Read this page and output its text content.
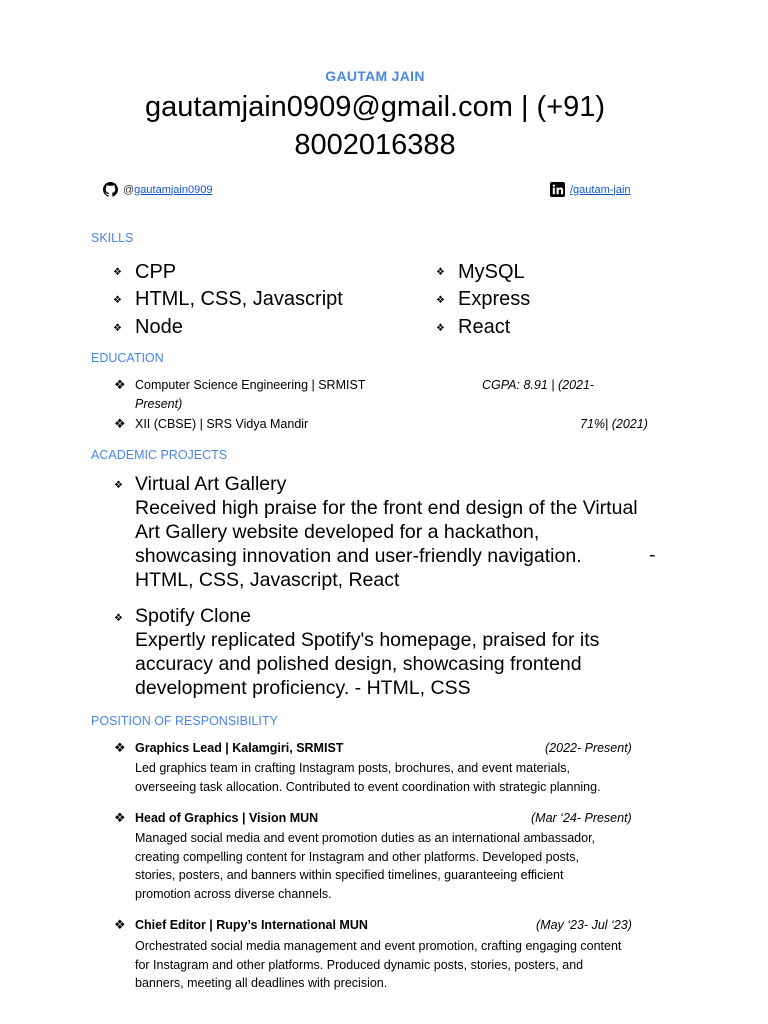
GAUTAM JAIN
gautamjain0909@gmail.com | (+91)
8002016388
@gautamjain0909	/gautam-jain
SKILLS
❖ CPP
❖ HTML, CSS, Javascript
❖ Node
❖ MySQL
❖ Express
❖ React
EDUCATION
❖ Computer Science Engineering | SRMIST	CGPA: 8.91 | (2021-
Present)
❖ XII (CBSE) | SRS Vidya Mandir	71%| (2021)
ACADEMIC PROJECTS
❖ Virtual Art Gallery
Received high praise for the front end design of the Virtual
Art Gallery website developed for a hackathon,
showcasing innovation and user-friendly navigation.
HTML, CSS, Javascript, React
-
❖ Spotify Clone
Expertly replicated Spotify's homepage, praised for its
accuracy and polished design, showcasing frontend
development proficiency. - HTML, CSS
POSITION OF RESPONSIBILITY
❖ Graphics Lead | Kalamgiri, SRMIST	(2022- Present)
Led graphics team in crafting Instagram posts, brochures, and event materials,
overseeing task allocation. Contributed to event coordination with strategic planning.
❖ Head of Graphics | Vision MUN	(Mar ‘24- Present)
Managed social media and event promotion duties as an international ambassador,
creating compelling content for Instagram and other platforms. Developed posts,
stories, posters, and banners within specified timelines, guaranteeing efficient
promotion across diverse channels.
❖ Chief Editor | Rupy’s International MUN	(May ‘23- Jul ‘23)
Orchestrated social media management and event promotion, crafting engaging content
for Instagram and other platforms. Produced dynamic posts, stories, posters, and
banners, meeting all deadlines with precision.
